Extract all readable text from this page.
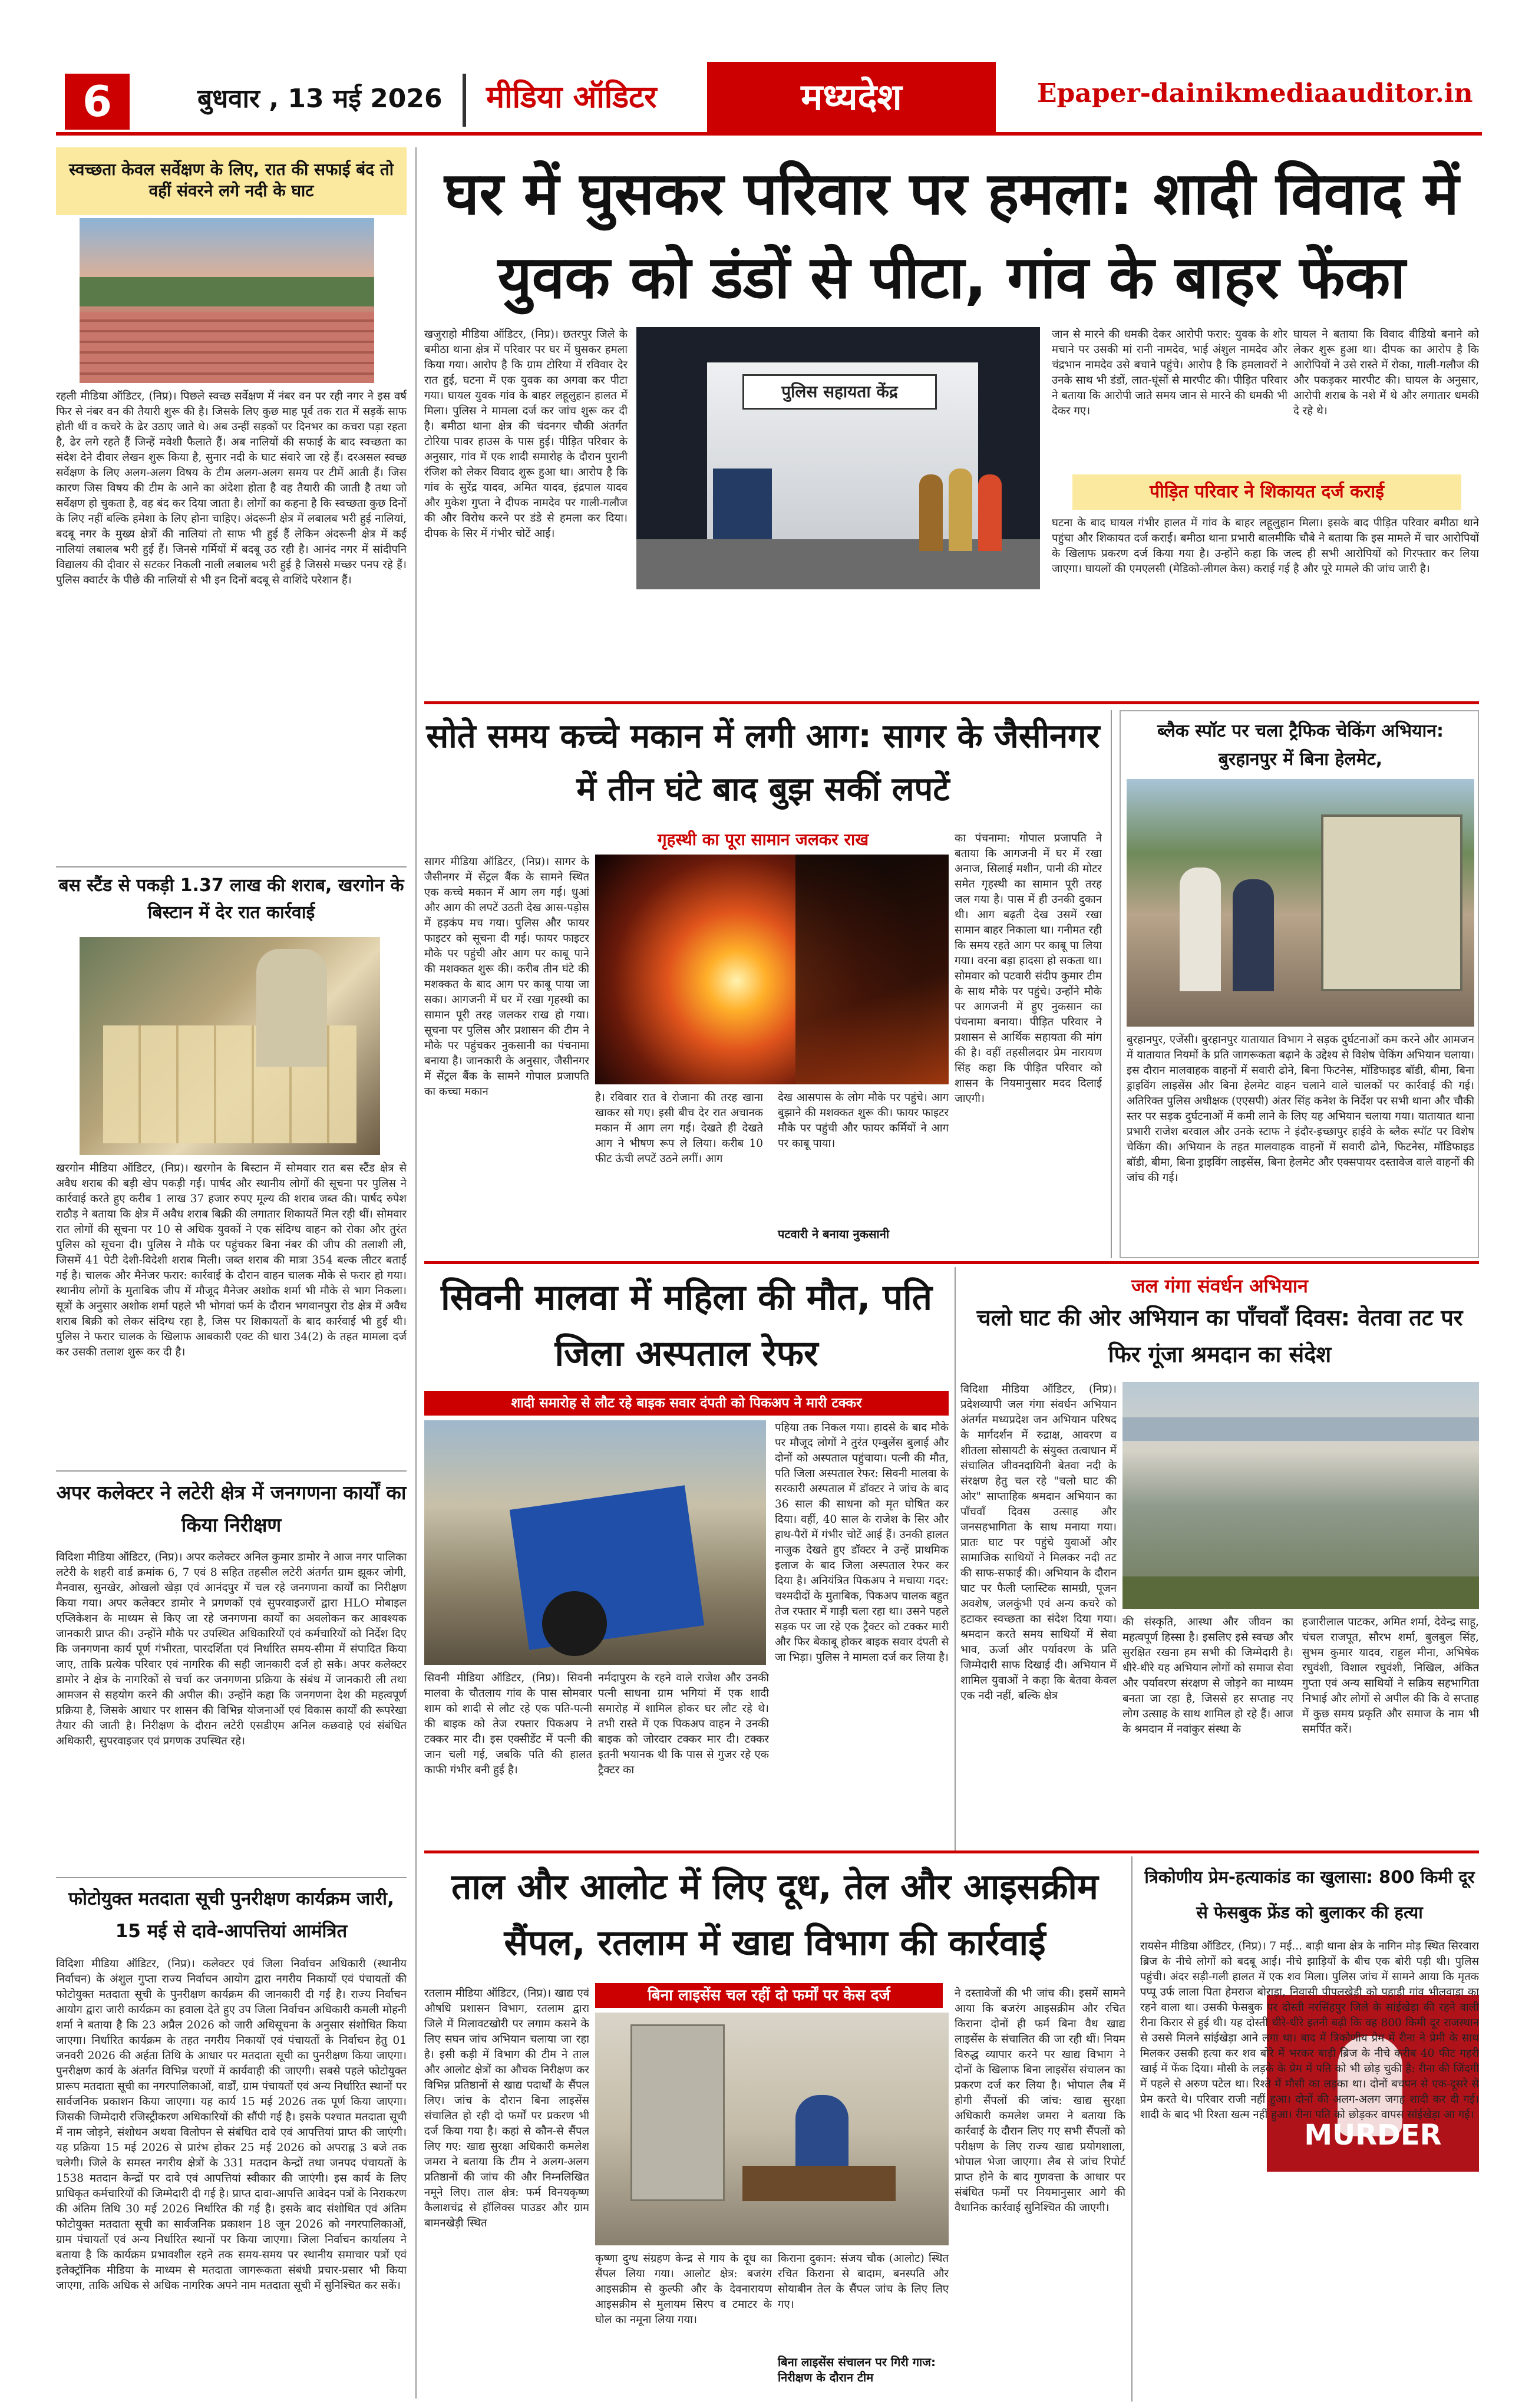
6	बुधवार , 13 मई 2026 मीडिया ऑडिटर	मध्यदेश	Epaper-dainikmediaauditor.in
स्वच्छता केवल सर्वेक्षण के लिए, रात की सफाई बंद तो वहीं संवरने लगे नदी के घाट
रहली मीडिया ऑडिटर, (निप्र)। पिछले स्वच्छ सर्वेक्षण में नंबर वन पर रही नगर ने इस वर्ष फिर से नंबर वन की तैयारी शुरू की है। जिसके लिए कुछ माह पूर्व तक रात में सड़कें साफ होती थीं व कचरे के ढेर उठाए जाते थे। अब उन्हीं सड़कों पर दिनभर का कचरा पड़ा रहता है, ढेर लगे रहते हैं जिन्हें मवेशी फैलाते हैं। अब नालियों की सफाई के बाद स्वच्छता का संदेश देने दीवार लेखन शुरू किया है, सुनार नदी के घाट संवारे जा रहे हैं। दरअसल स्वच्छ सर्वेक्षण के लिए अलग-अलग विषय के टीम अलग-अलग समय पर टीमें आती हैं। जिस कारण जिस विषय की टीम के आने का अंदेशा होता है वह तैयारी की जाती है तथा जो सर्वेक्षण हो चुकता है, वह बंद कर दिया जाता है। लोगों का कहना है कि स्वच्छता कुछ दिनों के लिए नहीं बल्कि हमेशा के लिए होना चाहिए। अंदरूनी क्षेत्र में लबालब भरी हुई नालियां, बदबू नगर के मुख्य क्षेत्रों की नालियां तो साफ भी हुई हैं लेकिन अंदरूनी क्षेत्र में कई नालियां लबालब भरी हुई हैं। जिनसे गर्मियों में बदबू उठ रही है। आनंद नगर में सांदीपनि विद्यालय की दीवार से सटकर निकली नाली लबालब भरी हुई है जिससे मच्छर पनप रहे हैं। पुलिस क्वार्टर के पीछे की नालियों से भी इन दिनों बदबू से वाशिंदे परेशान हैं।
बस स्टैंड से पकड़ी 1.37 लाख की शराब, खरगोन के बिस्टान में देर रात कार्रवाई
खरगोन मीडिया ऑडिटर, (निप्र)। खरगोन के बिस्टान में सोमवार रात बस स्टैंड क्षेत्र से अवैध शराब की बड़ी खेप पकड़ी गई। पार्षद और स्थानीय लोगों की सूचना पर पुलिस ने कार्रवाई करते हुए करीब 1 लाख 37 हजार रुपए मूल्य की शराब जब्त की। पार्षद रुपेश राठौड़ ने बताया कि क्षेत्र में अवैध शराब बिक्री की लगातार शिकायतें मिल रही थीं। सोमवार रात लोगों की सूचना पर 10 से अधिक युवकों ने एक संदिग्ध वाहन को रोका और तुरंत पुलिस को सूचना दी। पुलिस ने मौके पर पहुंचकर बिना नंबर की जीप की तलाशी ली, जिसमें 41 पेटी देशी-विदेशी शराब मिली। जब्त शराब की मात्रा 354 बल्क लीटर बताई गई है। चालक और मैनेजर फरार: कार्रवाई के दौरान वाहन चालक मौके से फरार हो गया। स्थानीय लोगों के मुताबिक जीप में मौजूद मैनेजर अशोक शर्मा भी मौके से भाग निकला। सूत्रों के अनुसार अशोक शर्मा पहले भी भोगवां फर्म के दौरान भगवानपुरा रोड क्षेत्र में अवैध शराब बिक्री को लेकर संदिग्ध रहा है, जिस पर शिकायतों के बाद कार्रवाई भी हुई थी। पुलिस ने फरार चालक के खिलाफ आबकारी एक्ट की धारा 34(2) के तहत मामला दर्ज कर उसकी तलाश शुरू कर दी है।
अपर कलेक्टर ने लटेरी क्षेत्र में जनगणना कार्यों का किया निरीक्षण
विदिशा मीडिया ऑडिटर, (निप्र)। अपर कलेक्टर अनिल कुमार डामोर ने आज नगर पालिका लटेरी के शहरी वार्ड क्रमांक 6, 7 एवं 8 सहित तहसील लटेरी अंतर्गत ग्राम झूकर जोगी, मैनवास, सुनखेर, ओखलो खेड़ा एवं आनंदपुर में चल रहे जनगणना कार्यों का निरीक्षण किया गया। अपर कलेक्टर डामोर ने प्रगणकों एवं सुपरवाइजरों द्वारा HLO मोबाइल एप्लिकेशन के माध्यम से किए जा रहे जनगणना कार्यों का अवलोकन कर आवश्यक जानकारी प्राप्त की। उन्होंने मौके पर उपस्थित अधिकारियों एवं कर्मचारियों को निर्देश दिए कि जनगणना कार्य पूर्ण गंभीरता, पारदर्शिता एवं निर्धारित समय-सीमा में संपादित किया जाए, ताकि प्रत्येक परिवार एवं नागरिक की सही जानकारी दर्ज हो सके। अपर कलेक्टर डामोर ने क्षेत्र के नागरिकों से चर्चा कर जनगणना प्रक्रिया के संबंध में जानकारी ली तथा आमजन से सहयोग करने की अपील की। उन्होंने कहा कि जनगणना देश की महत्वपूर्ण प्रक्रिया है, जिसके आधार पर शासन की विभिन्न योजनाओं एवं विकास कार्यों की रूपरेखा तैयार की जाती है। निरीक्षण के दौरान लटेरी एसडीएम अनिल कछवाहे एवं संबंधित अधिकारी, सुपरवाइजर एवं प्रगणक उपस्थित रहे।
फोटोयुक्त मतदाता सूची पुनरीक्षण कार्यक्रम जारी, 15 मई से दावे-आपत्तियां आमंत्रित
विदिशा मीडिया ऑडिटर, (निप्र)। कलेक्टर एवं जिला निर्वाचन अधिकारी (स्थानीय निर्वाचन) के अंशुल गुप्ता राज्य निर्वाचन आयोग द्वारा नगरीय निकायों एवं पंचायतों की फोटोयुक्त मतदाता सूची के पुनरीक्षण कार्यक्रम की जानकारी दी गई है। राज्य निर्वाचन आयोग द्वारा जारी कार्यक्रम का हवाला देते हुए उप जिला निर्वाचन अधिकारी कमली मोहनी शर्मा ने बताया है कि 23 अप्रैल 2026 को जारी अधिसूचना के अनुसार संशोधित किया जाएगा। निर्धारित कार्यक्रम के तहत नगरीय निकायों एवं पंचायतों के निर्वाचन हेतु 01 जनवरी 2026 की अर्हता तिथि के आधार पर मतदाता सूची का पुनरीक्षण किया जाएगा। पुनरीक्षण कार्य के अंतर्गत विभिन्न चरणों में कार्यवाही की जाएगी। सबसे पहले फोटोयुक्त प्रारूप मतदाता सूची का नगरपालिकाओं, वार्डों, ग्राम पंचायतों एवं अन्य निर्धारित स्थानों पर सार्वजनिक प्रकाशन किया जाएगा। यह कार्य 15 मई 2026 तक पूर्ण किया जाएगा। जिसकी जिम्मेदारी रजिस्ट्रीकरण अधिकारियों की सौंपी गई है। इसके पश्चात मतदाता सूची में नाम जोड़ने, संशोधन अथवा विलोपन से संबंधित दावे एवं आपत्तियां प्राप्त की जाएंगी। यह प्रक्रिया 15 मई 2026 से प्रारंभ होकर 25 मई 2026 को अपराह्न 3 बजे तक चलेगी। जिले के समस्त नगरीय क्षेत्रों के 331 मतदान केन्द्रों तथा जनपद पंचायतों के 1538 मतदान केन्द्रों पर दावे एवं आपत्तियां स्वीकार की जाएंगी। इस कार्य के लिए प्राधिकृत कर्मचारियों की जिम्मेदारी दी गई है। प्राप्त दावा-आपत्ति आवेदन पत्रों के निराकरण की अंतिम तिथि 30 मई 2026 निर्धारित की गई है। इसके बाद संशोधित एवं अंतिम फोटोयुक्त मतदाता सूची का सार्वजनिक प्रकाशन 18 जून 2026 को नगरपालिकाओं, ग्राम पंचायतों एवं अन्य निर्धारित स्थानों पर किया जाएगा। जिला निर्वाचन कार्यालय ने बताया है कि कार्यक्रम प्रभावशील रहने तक समय-समय पर स्थानीय समाचार पत्रों एवं इलेक्ट्रॉनिक मीडिया के माध्यम से मतदाता जागरूकता संबंधी प्रचार-प्रसार भी किया जाएगा, ताकि अधिक से अधिक नागरिक अपने नाम मतदाता सूची में सुनिश्चित कर सकें।
घर में घुसकर परिवार पर हमला: शादी विवाद में युवक को डंडों से पीटा, गांव के बाहर फेंका
खजुराहो मीडिया ऑडिटर, (निप्र)। छतरपुर जिले के बमीठा थाना क्षेत्र में परिवार पर घर में घुसकर हमला किया गया। आरोप है कि ग्राम टोरिया में रविवार देर रात हुई, घटना में एक युवक का अगवा कर पीटा गया। घायल युवक गांव के बाहर लहूलुहान हालत में मिला। पुलिस ने मामला दर्ज कर जांच शुरू कर दी है। बमीठा थाना क्षेत्र की चंदनगर चौकी अंतर्गत टोरिया पावर हाउस के पास हुई। पीड़ित परिवार के अनुसार, गांव में एक शादी समारोह के दौरान पुरानी रंजिश को लेकर विवाद शुरू हुआ था। आरोप है कि गांव के सुरेंद्र यादव, अमित यादव, इंद्रपाल यादव और मुकेश गुप्ता ने दीपक नामदेव पर गाली-गलौज की और विरोध करने पर डंडे से हमला कर दिया। दीपक के सिर में गंभीर चोटें आईं।
पुलिस सहायता केंद्र
जान से मारने की धमकी देकर आरोपी फरार: युवक के शोर मचाने पर उसकी मां रानी नामदेव, भाई अंशुल नामदेव और चंद्रभान नामदेव उसे बचाने पहुंचे। आरोप है कि हमलावरों ने उनके साथ भी डंडों, लात-घूंसों से मारपीट की। पीड़ित परिवार ने बताया कि आरोपी जाते समय जान से मारने की धमकी भी देकर गए।
घायल ने बताया कि विवाद वीडियो बनाने को लेकर शुरू हुआ था। दीपक का आरोप है कि आरोपियों ने उसे रास्ते में रोका, गाली-गलौज की और पकड़कर मारपीट की। घायल के अनुसार, आरोपी शराब के नशे में थे और लगातार धमकी दे रहे थे।
पीड़ित परिवार ने शिकायत दर्ज कराई
घटना के बाद घायल गंभीर हालत में गांव के बाहर लहूलुहान मिला। इसके बाद पीड़ित परिवार बमीठा थाने पहुंचा और शिकायत दर्ज कराई। बमीठा थाना प्रभारी बालमीकि चौबे ने बताया कि इस मामले में चार आरोपियों के खिलाफ प्रकरण दर्ज किया गया है। उन्होंने कहा कि जल्द ही सभी आरोपियों को गिरफ्तार कर लिया जाएगा। घायलों की एमएलसी (मेडिको-लीगल केस) कराई गई है और पूरे मामले की जांच जारी है।
सोते समय कच्चे मकान में लगी आग: सागर के जैसीनगर में तीन घंटे बाद बुझ सकीं लपटें
गृहस्थी का पूरा सामान जलकर राख
सागर मीडिया ऑडिटर, (निप्र)। सागर के जैसीनगर में सेंट्रल बैंक के सामने स्थित एक कच्चे मकान में आग लग गई। धुआं और आग की लपटें उठती देख आस-पड़ोस में हड़कंप मच गया। पुलिस और फायर फाइटर को सूचना दी गई। फायर फाइटर मौके पर पहुंची और आग पर काबू पाने की मशक्कत शुरू की। करीब तीन घंटे की मशक्कत के बाद आग पर काबू पाया जा सका। आगजनी में घर में रखा गृहस्थी का सामान पूरी तरह जलकर राख हो गया। सूचना पर पुलिस और प्रशासन की टीम ने मौके पर पहुंचकर नुकसानी का पंचनामा बनाया है। जानकारी के अनुसार, जैसीनगर में सेंट्रल बैंक के सामने गोपाल प्रजापति का कच्चा मकान	है। रविवार रात वे रोजाना की तरह खाना खाकर सो गए। इसी बीच देर रात अचानक मकान में आग लग गई। देखते ही देखते आग ने भीषण रूप ले लिया। करीब 10 फीट ऊंची लपटें उठने लगीं। आग
देख आसपास के लोग मौके पर पहुंचे। आग बुझाने की मशक्कत शुरू की। फायर फाइटर मौके पर पहुंची और फायर कर्मियों ने आग पर काबू पाया।
पटवारी ने बनाया नुकसानी
का पंचनामा: गोपाल प्रजापति ने बताया कि आगजनी में घर में रखा अनाज, सिलाई मशीन, पानी की मोटर समेत गृहस्थी का सामान पूरी तरह जल गया है। पास में ही उनकी दुकान थी। आग बढ़ती देख उसमें रखा सामान बाहर निकाला था। गनीमत रही कि समय रहते आग पर काबू पा लिया गया। वरना बड़ा हादसा हो सकता था। सोमवार को पटवारी संदीप कुमार टीम के साथ मौके पर पहुंचे। उन्होंने मौके पर आगजनी में हुए नुकसान का पंचनामा बनाया। पीड़ित परिवार ने प्रशासन से आर्थिक सहायता की मांग की है। वहीं तहसीलदार प्रेम नारायण सिंह कहा कि पीड़ित परिवार को शासन के नियमानुसार मदद दिलाई जाएगी।
ब्लैक स्पॉट पर चला ट्रैफिक चेकिंग अभियान: बुरहानपुर में बिना हेलमेट,
बुरहानपुर, एजेंसी। बुरहानपुर यातायात विभाग ने सड़क दुर्घटनाओं कम करने और आमजन में यातायात नियमों के प्रति जागरूकता बढ़ाने के उद्देश्य से विशेष चेकिंग अभियान चलाया। इस दौरान मालवाहक वाहनों में सवारी ढोने, बिना फिटनेस, मॉडिफाइड बॉडी, बीमा, बिना ड्राइविंग लाइसेंस और बिना हेलमेट वाहन चलाने वाले चालकों पर कार्रवाई की गई। अतिरिक्त पुलिस अधीक्षक (एएसपी) अंतर सिंह कनेश के निर्देश पर सभी थाना और चौकी स्तर पर सड़क दुर्घटनाओं में कमी लाने के लिए यह अभियान चलाया गया। यातायात थाना प्रभारी राजेश बरवाल और उनके स्टाफ ने इंदौर-इच्छापुर हाईवे के ब्लैक स्पॉट पर विशेष चेकिंग की। अभियान के तहत मालवाहक वाहनों में सवारी ढोने, फिटनेस, मॉडिफाइड बॉडी, बीमा, बिना ड्राइविंग लाइसेंस, बिना हेलमेट और एक्सपायर दस्तावेज वाले वाहनों की जांच की गई।
सिवनी मालवा में महिला की मौत, पति जिला अस्पताल रेफर
शादी समारोह से लौट रहे बाइक सवार दंपती को पिकअप ने मारी टक्कर
सिवनी मीडिया ऑडिटर, (निप्र)। सिवनी मालवा के चौतलाय गांव के पास सोमवार शाम को शादी से लौट रहे एक पति-पत्नी की बाइक को तेज रफ्तार पिकअप ने टक्कर मार दी। इस एक्सीडेंट में पत्नी की जान चली गई, जबकि पति की हालत काफी गंभीर बनी हुई है।
नर्मदापुरम के रहने वाले राजेश और उनकी पत्नी साधना ग्राम भगियां में एक शादी समारोह में शामिल होकर घर लौट रहे थे। तभी रास्ते में एक पिकअप वाहन ने उनकी बाइक को जोरदार टक्कर मार दी। टक्कर इतनी भयानक थी कि पास से गुजर रहे एक ट्रैक्टर का
पहिया तक निकल गया। हादसे के बाद मौके पर मौजूद लोगों ने तुरंत एम्बुलेंस बुलाई और दोनों को अस्पताल पहुंचाया। पत्नी की मौत, पति जिला अस्पताल रेफर: सिवनी मालवा के सरकारी अस्पताल में डॉक्टर ने जांच के बाद 36 साल की साधना को मृत घोषित कर दिया। वहीं, 40 साल के राजेश के सिर और हाथ-पैरों में गंभीर चोटें आई हैं। उनकी हालत नाजुक देखते हुए डॉक्टर ने उन्हें प्राथमिक इलाज के बाद जिला अस्पताल रेफर कर दिया है। अनियंत्रित पिकअप ने मचाया गदर: चश्मदीदों के मुताबिक, पिकअप चालक बहुत तेज रफ्तार में गाड़ी चला रहा था। उसने पहले सड़क पर जा रहे एक ट्रैक्टर को टक्कर मारी और फिर बेकाबू होकर बाइक सवार दंपती से जा भिड़ा। पुलिस ने मामला दर्ज कर लिया है।
जल गंगा संवर्धन अभियान
चलो घाट की ओर अभियान का पाँचवाँ दिवस: वेतवा तट पर फिर गूंजा श्रमदान का संदेश
विदिशा मीडिया ऑडिटर, (निप्र)। प्रदेशव्यापी जल गंगा संवर्धन अभियान अंतर्गत मध्यप्रदेश जन अभियान परिषद के मार्गदर्शन में रुद्राक्ष, आवरण व शीतला सोसायटी के संयुक्त तत्वाधान में संचालित जीवनदायिनी बेतवा नदी के संरक्षण हेतु चल रहे "चलो घाट की ओर" साप्ताहिक श्रमदान अभियान का पाँचवाँ दिवस उत्साह और जनसहभागिता के साथ मनाया गया। प्रातः घाट पर पहुंचे युवाओं और सामाजिक साथियों ने मिलकर नदी तट की साफ-सफाई की। अभियान के दौरान घाट पर फैली प्लास्टिक सामग्री, पूजन अवशेष, जलकुंभी एवं अन्य कचरे को हटाकर स्वच्छता का संदेश दिया गया। श्रमदान करते समय साथियों में सेवा भाव, ऊर्जा और पर्यावरण के प्रति जिम्मेदारी साफ दिखाई दी। अभियान में शामिल युवाओं ने कहा कि बेतवा केवल एक नदी नहीं, बल्कि क्षेत्र
की संस्कृति, आस्था और जीवन का महत्वपूर्ण हिस्सा है। इसलिए इसे स्वच्छ और सुरक्षित रखना हम सभी की जिम्मेदारी है। धीरे-धीरे यह अभियान लोगों को समाज सेवा और पर्यावरण संरक्षण से जोड़ने का माध्यम बनता जा रहा है, जिससे हर सप्ताह नए लोग उत्साह के साथ शामिल हो रहे हैं। आज के श्रमदान में नवांकुर संस्था के
हजारीलाल पाटकर, अमित शर्मा, देवेन्द्र साहू, चंचल राजपूत, सौरभ शर्मा, बुलबुल सिंह, सुभम कुमार यादव, राहुल मीना, अभिषेक रघुवंशी, विशाल रघुवंशी, निखिल, अंकित गुप्ता एवं अन्य साथियों ने सक्रिय सहभागिता निभाई और लोगों से अपील की कि वे सप्ताह में कुछ समय प्रकृति और समाज के नाम भी समर्पित करें।
ताल और आलोट में लिए दूध, तेल और आइसक्रीम सैंपल, रतलाम में खाद्य विभाग की कार्रवाई
बिना लाइसेंस चल रहीं दो फर्मों पर केस दर्ज
रतलाम मीडिया ऑडिटर, (निप्र)। खाद्य एवं औषधि प्रशासन विभाग, रतलाम द्वारा जिले में मिलावटखोरी पर लगाम कसने के लिए सघन जांच अभियान चलाया जा रहा है। इसी कड़ी में विभाग की टीम ने ताल और आलोट क्षेत्रों का औचक निरीक्षण कर विभिन्न प्रतिष्ठानों से खाद्य पदार्थों के सैंपल लिए। जांच के दौरान बिना लाइसेंस संचालित हो रही दो फर्मों पर प्रकरण भी दर्ज किया गया है। कहां से कौन-से सैंपल लिए गए: खाद्य सुरक्षा अधिकारी कमलेश जमरा ने बताया कि टीम ने अलग-अलग प्रतिष्ठानों की जांच की और निम्नलिखित नमूने लिए। ताल क्षेत्र: फर्म विनयकृष्ण कैलाशचंद्र से हॉलिक्स पाउडर और ग्राम बामनखेड़ी स्थित
कृष्णा दुग्ध संग्रहण केन्द्र से गाय के दूध का सैंपल लिया गया। आलोट क्षेत्र: बजरंग आइसक्रीम से कुल्फी और के देवनारायण आइसक्रीम से मुलायम सिरप व टमाटर के घोल का नमूना लिया गया।
किराना दुकान: संजय चौक (आलोट) स्थित रचित किराना से बादाम, बनस्पति और सोयाबीन तेल के सैंपल जांच के लिए लिए गए।
बिना लाइसेंस संचालन पर गिरी गाज: निरीक्षण के दौरान टीम
ने दस्तावेजों की भी जांच की। इसमें सामने आया कि बजरंग आइसक्रीम और रचित किराना दोनों ही फर्म बिना वैध खाद्य लाइसेंस के संचालित की जा रही थीं। नियम विरुद्ध व्यापार करने पर खाद्य विभाग ने दोनों के खिलाफ बिना लाइसेंस संचालन का प्रकरण दर्ज कर लिया है। भोपाल लैब में होगी सैंपलों की जांच: खाद्य सुरक्षा अधिकारी कमलेश जमरा ने बताया कि कार्रवाई के दौरान लिए गए सभी सैंपलों को परीक्षण के लिए राज्य खाद्य प्रयोगशाला, भोपाल भेजा जाएगा। लैब से जांच रिपोर्ट प्राप्त होने के बाद गुणवत्ता के आधार पर संबंधित फर्मों पर नियमानुसार आगे की वैधानिक कार्रवाई सुनिश्चित की जाएगी।
त्रिकोणीय प्रेम-हत्याकांड का खुलासा: 800 किमी दूर से फेसबुक फ्रेंड को बुलाकर की हत्या
MURDER
रायसेन मीडिया ऑडिटर, (निप्र)। 7 मई... बाड़ी थाना क्षेत्र के नागिन मोड़ स्थित सिरवारा ब्रिज के नीचे लोगों को बदबू आई। नीचे झाड़ियों के बीच एक बोरी पड़ी थी। पुलिस पहुंची। अंदर सड़ी-गली हालत में एक शव मिला। पुलिस जांच में सामने आया कि मृतक पप्पू उर्फ लाला पिता हेमराज बोराड़ा, निवासी पीपलखेड़ी को पहाड़ी गांव भीलवाड़ा का रहने वाला था। उसकी फेसबुक पर दोस्ती नरसिंहपुर जिले के सांईखेड़ा की रहने वाली रीना किरार से हुई थी। यह दोस्ती धीरे-धीरे इतनी बढ़ी कि वह 800 किमी दूर राजस्थान से उससे मिलने सांईखेड़ा आने लगा था। बाद में त्रिकोणीय प्रेम में रीना ने प्रेमी के साथ मिलकर उसकी हत्या कर शव बोरे में भरकर बाड़ी ब्रिज के नीचे करीब 40 फीट गहरी खाई में फेंक दिया। मौसी के लड़के के प्रेम में पति को भी छोड़ चुकी है: रीना की जिंदगी में पहले से अरुण पटेल था। रिश्ते में मौसी का लड़का था। दोनों बचपन से एक-दूसरे से प्रेम करते थे। परिवार राजी नहीं हुआ। दोनों की अलग-अलग जगह शादी कर दी गई। शादी के बाद भी रिश्ता खत्म नहीं हुआ। रीना पति को छोड़कर वापस सांईखेड़ा आ गई।
